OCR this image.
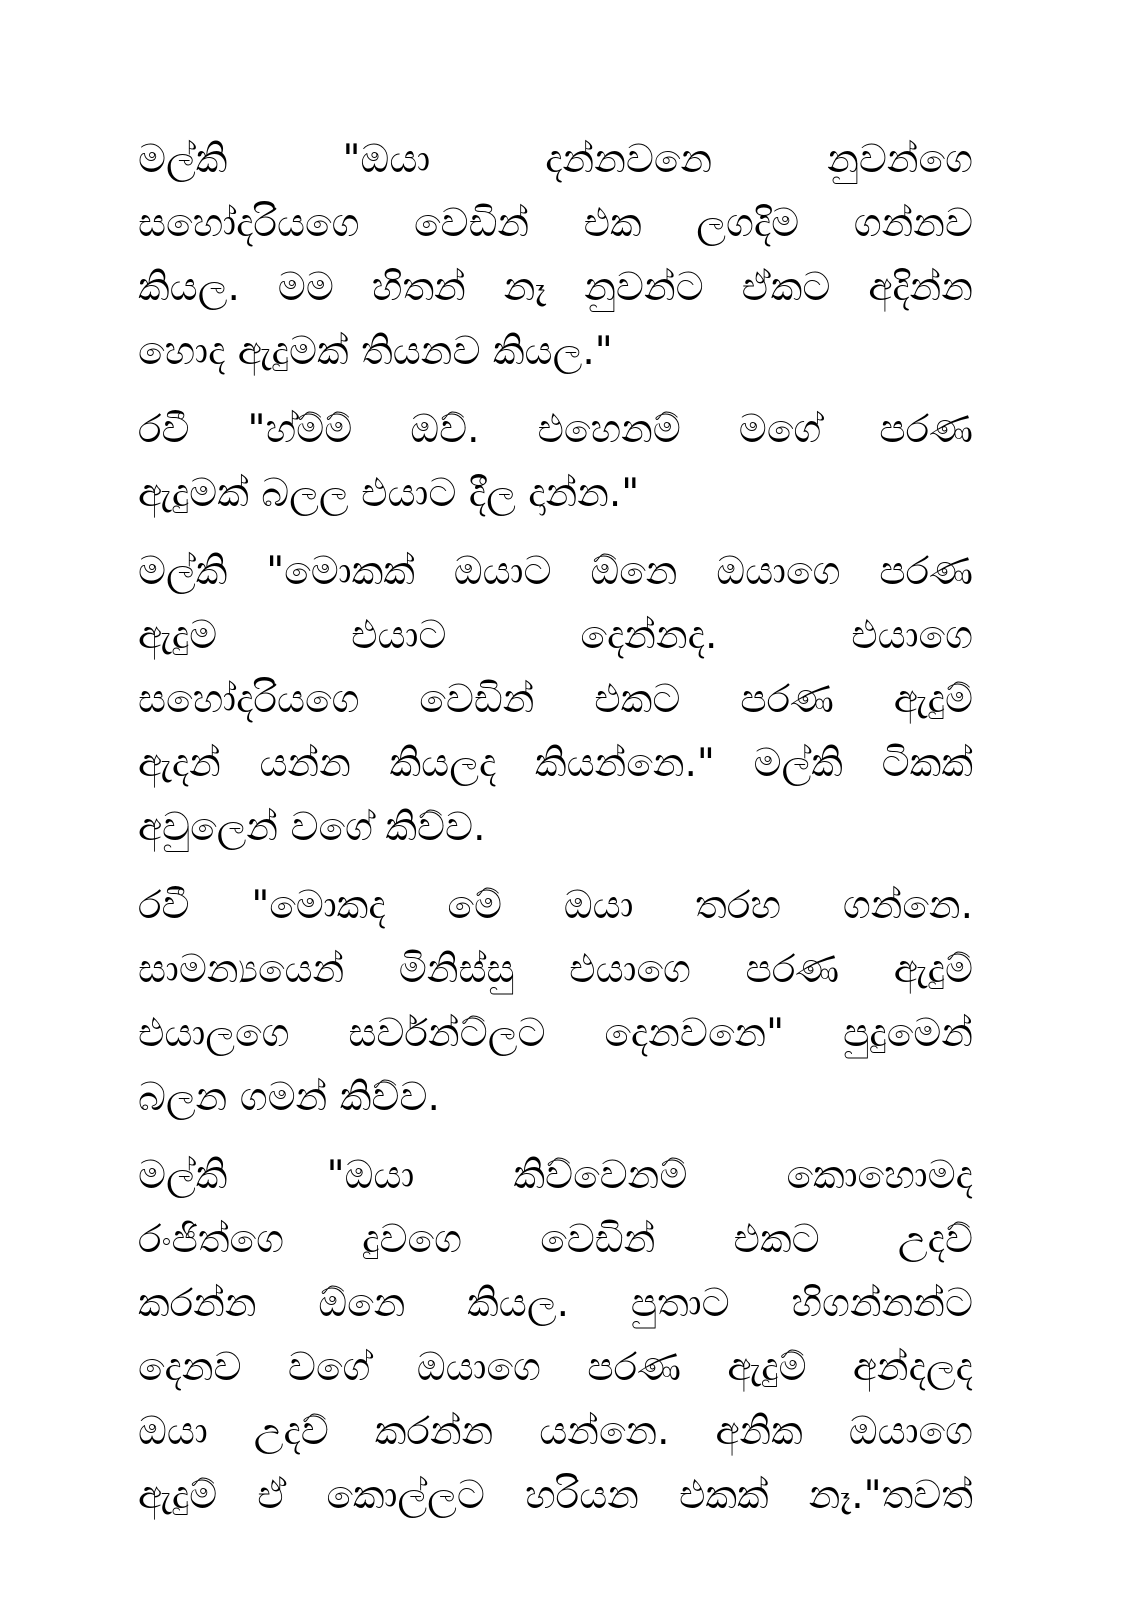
මල්කි "ඔයා දන්නවනෙ නුවන්ගෙ
සහෝදරියගෙ වෙඩින් එක ලගදිම ගන්නව
කියල. මම හිතන් නෑ නුවන්ට ඒකට අදින්න
හොද ඇදුමක් තියනව කියල."
රවී "හ්ම්ම් ඔව්. එහෙනම් මගේ පරණ
ඇදුමක් බලල එයාට දීල දාන්න."
මල්කි "මොකක් ඔයාට ඕනෙ ඔයාගෙ පරණ
ඇදුම එයාට දෙන්නද. එයාගෙ
සහෝදරියගෙ වෙඩින් එකට පරණ ඇදුම්
ඇදන් යන්න කියලද කියන්නෙ." මල්කි ටිකක්
අවුලෙන් වගේ කිව්ව.
රවී "මොකද මේ ඔයා තරහ ගන්නෙ.
සාමන්‍යයෙන් මිනිස්සු එයාගෙ පරණ ඇදුම්
එයාලගෙ සර්වන්ට්ලට දෙනවනෙ" පුදුමෙන්
බලන ගමන් කිව්ව.
මල්කි "ඔයා කිව්වෙනම් කොහොමද
රංජිත්ගෙ දුවගෙ වෙඩින් එකට උදව්
කරන්න ඕනෙ කියල. පුතාට හිගන්නන්ට
දෙනව වගේ ඔයාගෙ පරණ ඇදුම් අන්දලද
ඔයා උදව් කරන්න යන්නෙ. අනික ඔයාගෙ
ඇදුම් ඒ කොල්ලට හරියන එකක් නෑ."තවත්
